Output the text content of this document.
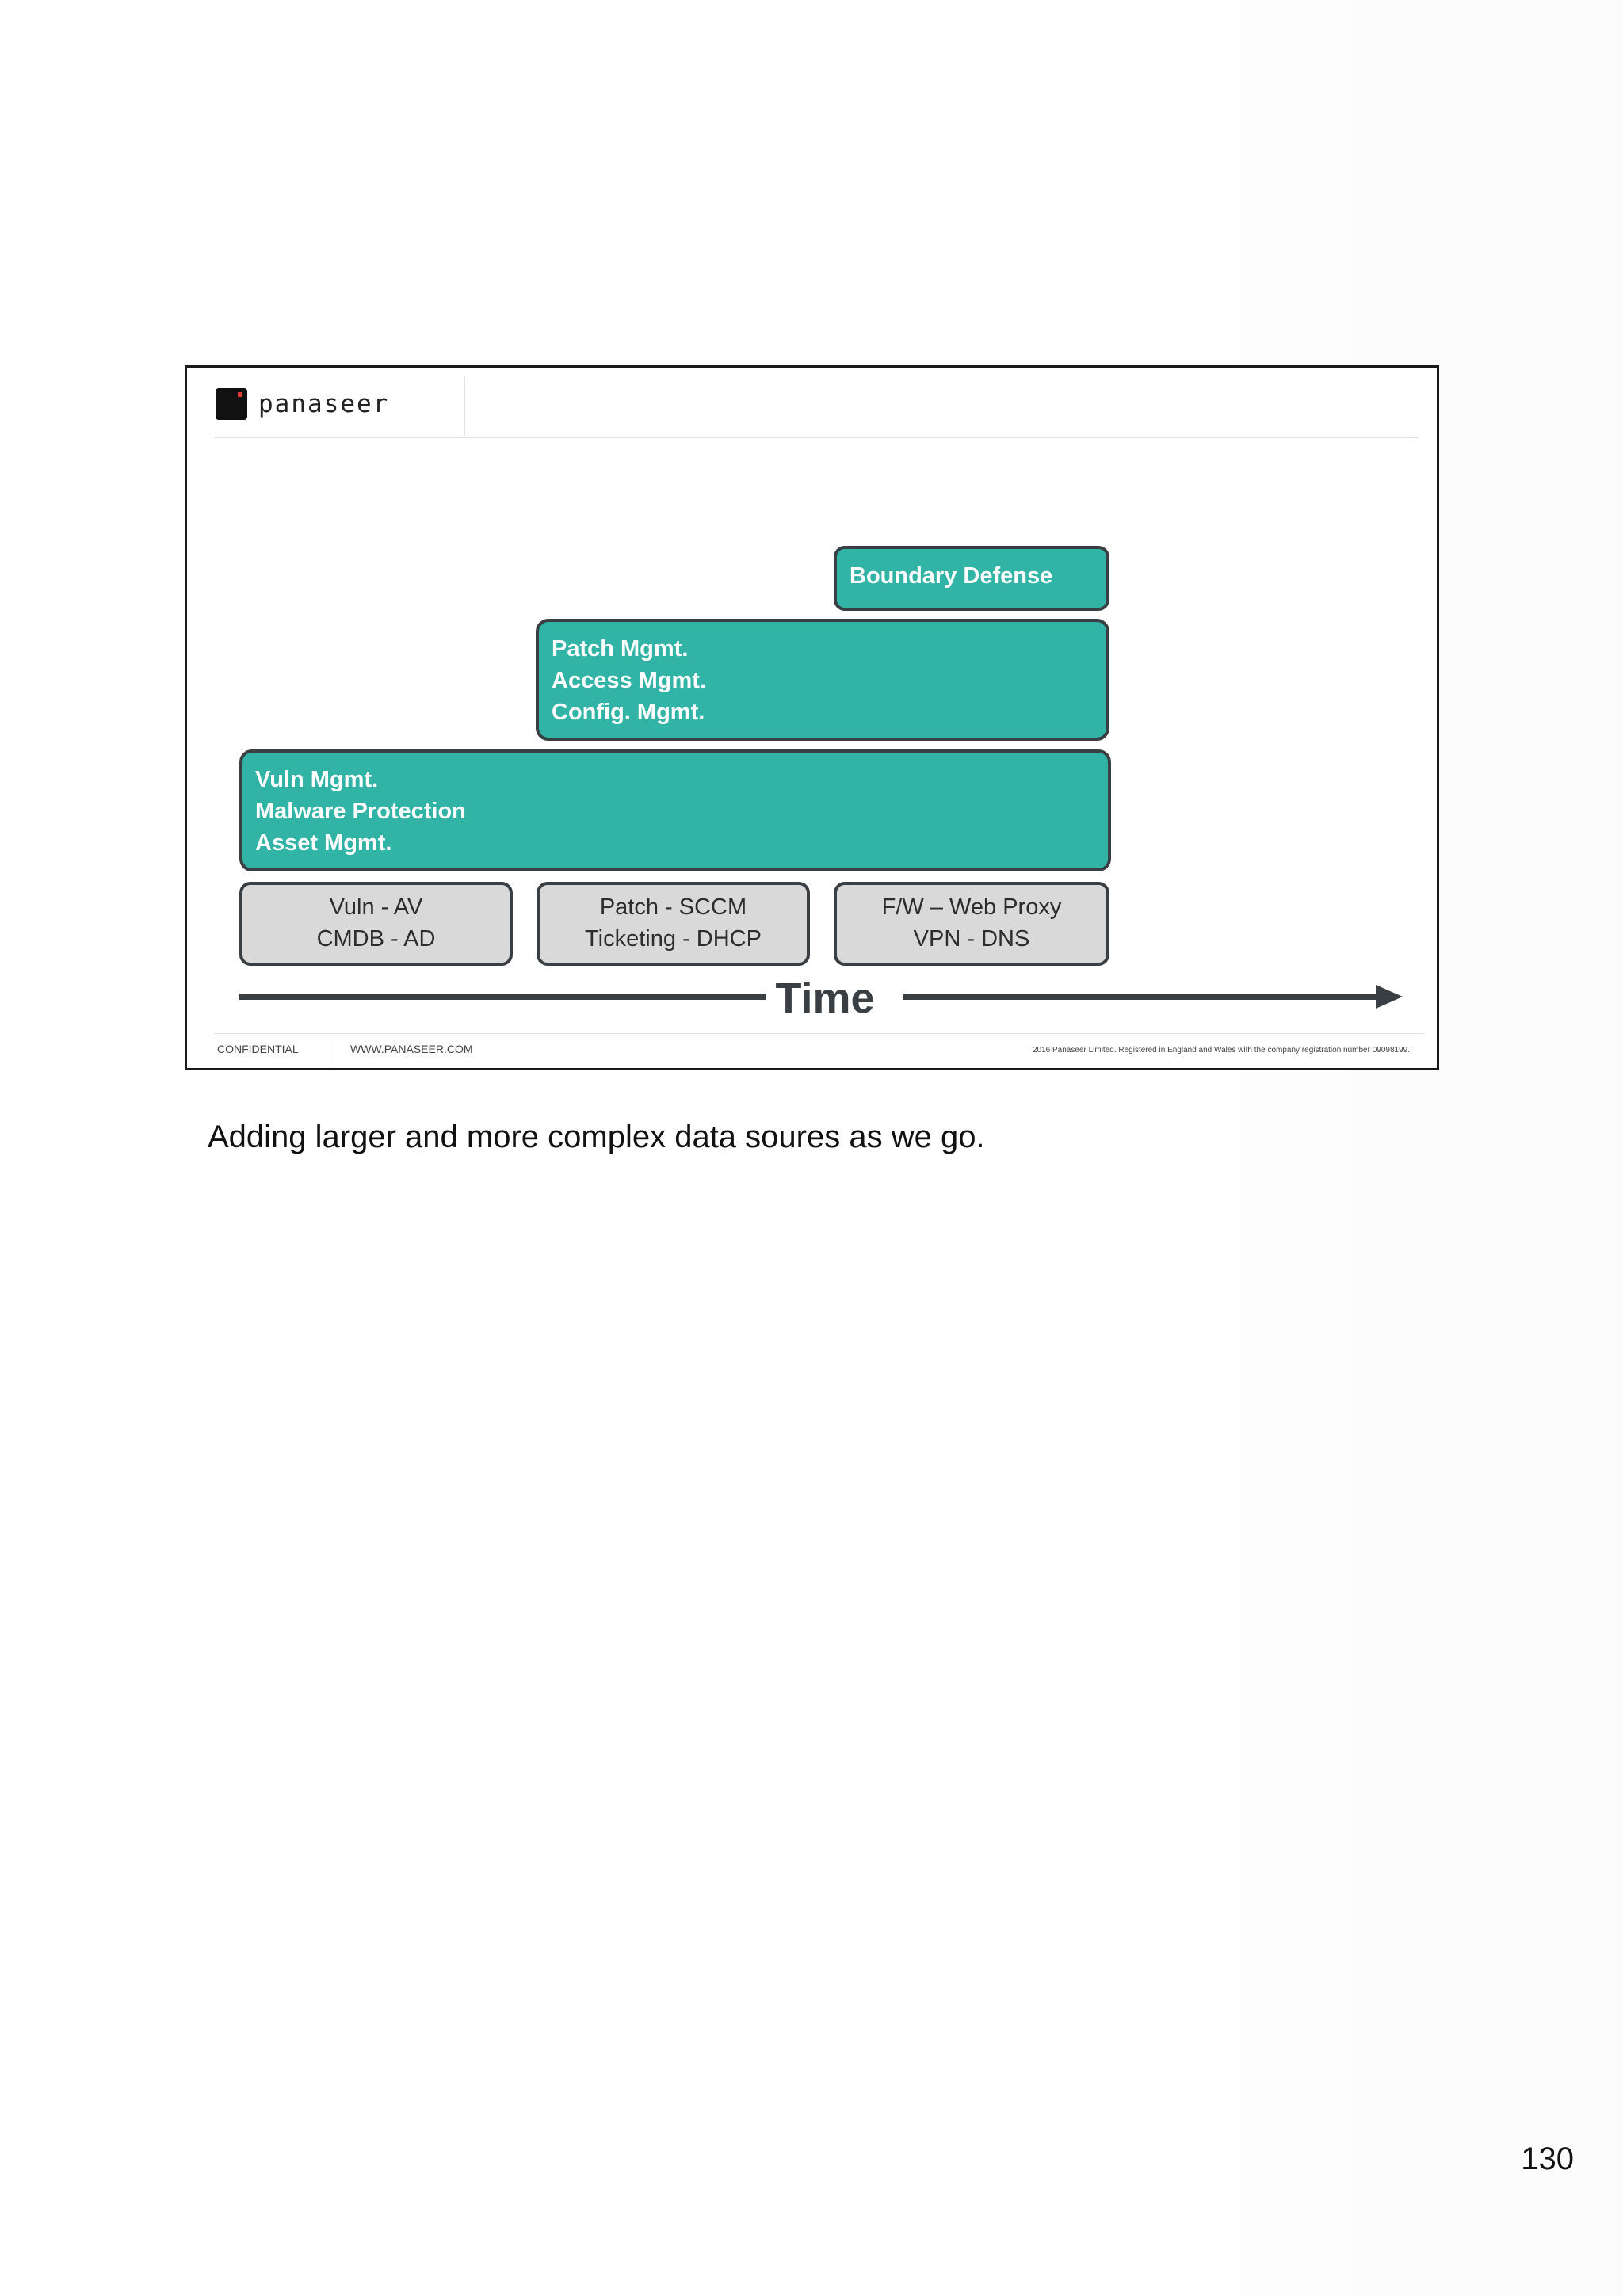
panaseer
Boundary Defense
Patch Mgmt.
Access Mgmt.
Config. Mgmt.
Vuln Mgmt.
Malware Protection
Asset Mgmt.
Vuln - AV
CMDB - AD
Patch - SCCM
Ticketing - DHCP
F/W – Web Proxy
VPN - DNS
Time
CONFIDENTIAL	WWW.PANASEER.COM	2016 Panaseer Limited. Registered in England and Wales with the company registration number 09098199.
Adding larger and more complex data soures as we go.
130
